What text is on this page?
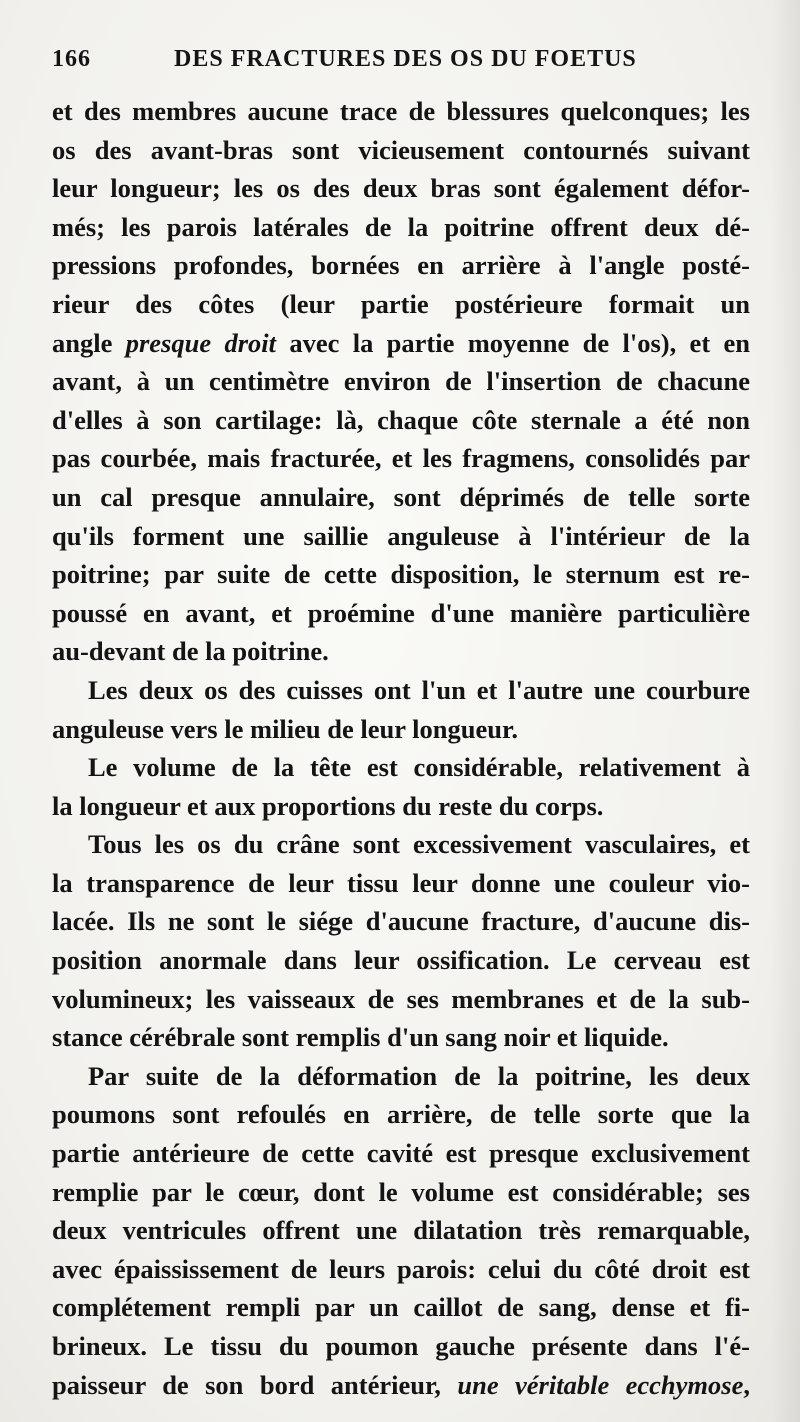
166	DES FRACTURES DES OS DU FOETUS
et des membres aucune trace de blessures quelconques; les
os des avant-bras sont vicieusement contournés suivant
leur longueur; les os des deux bras sont également défor-
més; les parois latérales de la poitrine offrent deux dé-
pressions profondes, bornées en arrière à l'angle posté-
rieur des côtes (leur partie postérieure formait un
angle presque droit avec la partie moyenne de l'os), et en
avant, à un centimètre environ de l'insertion de chacune
d'elles à son cartilage: là, chaque côte sternale a été non
pas courbée, mais fracturée, et les fragmens, consolidés par
un cal presque annulaire, sont déprimés de telle sorte
qu'ils forment une saillie anguleuse à l'intérieur de la
poitrine; par suite de cette disposition, le sternum est re-
poussé en avant, et proémine d'une manière particulière
au-devant de la poitrine.
Les deux os des cuisses ont l'un et l'autre une courbure
anguleuse vers le milieu de leur longueur.
Le volume de la tête est considérable, relativement à
la longueur et aux proportions du reste du corps.
Tous les os du crâne sont excessivement vasculaires, et
la transparence de leur tissu leur donne une couleur vio-
lacée. Ils ne sont le siége d'aucune fracture, d'aucune dis-
position anormale dans leur ossification. Le cerveau est
volumineux; les vaisseaux de ses membranes et de la sub-
stance cérébrale sont remplis d'un sang noir et liquide.
Par suite de la déformation de la poitrine, les deux
poumons sont refoulés en arrière, de telle sorte que la
partie antérieure de cette cavité est presque exclusivement
remplie par le cœur, dont le volume est considérable; ses
deux ventricules offrent une dilatation très remarquable,
avec épaississement de leurs parois: celui du côté droit est
complétement rempli par un caillot de sang, dense et fi-
brineux. Le tissu du poumon gauche présente dans l'é-
paisseur de son bord antérieur, une véritable ecchymose,
